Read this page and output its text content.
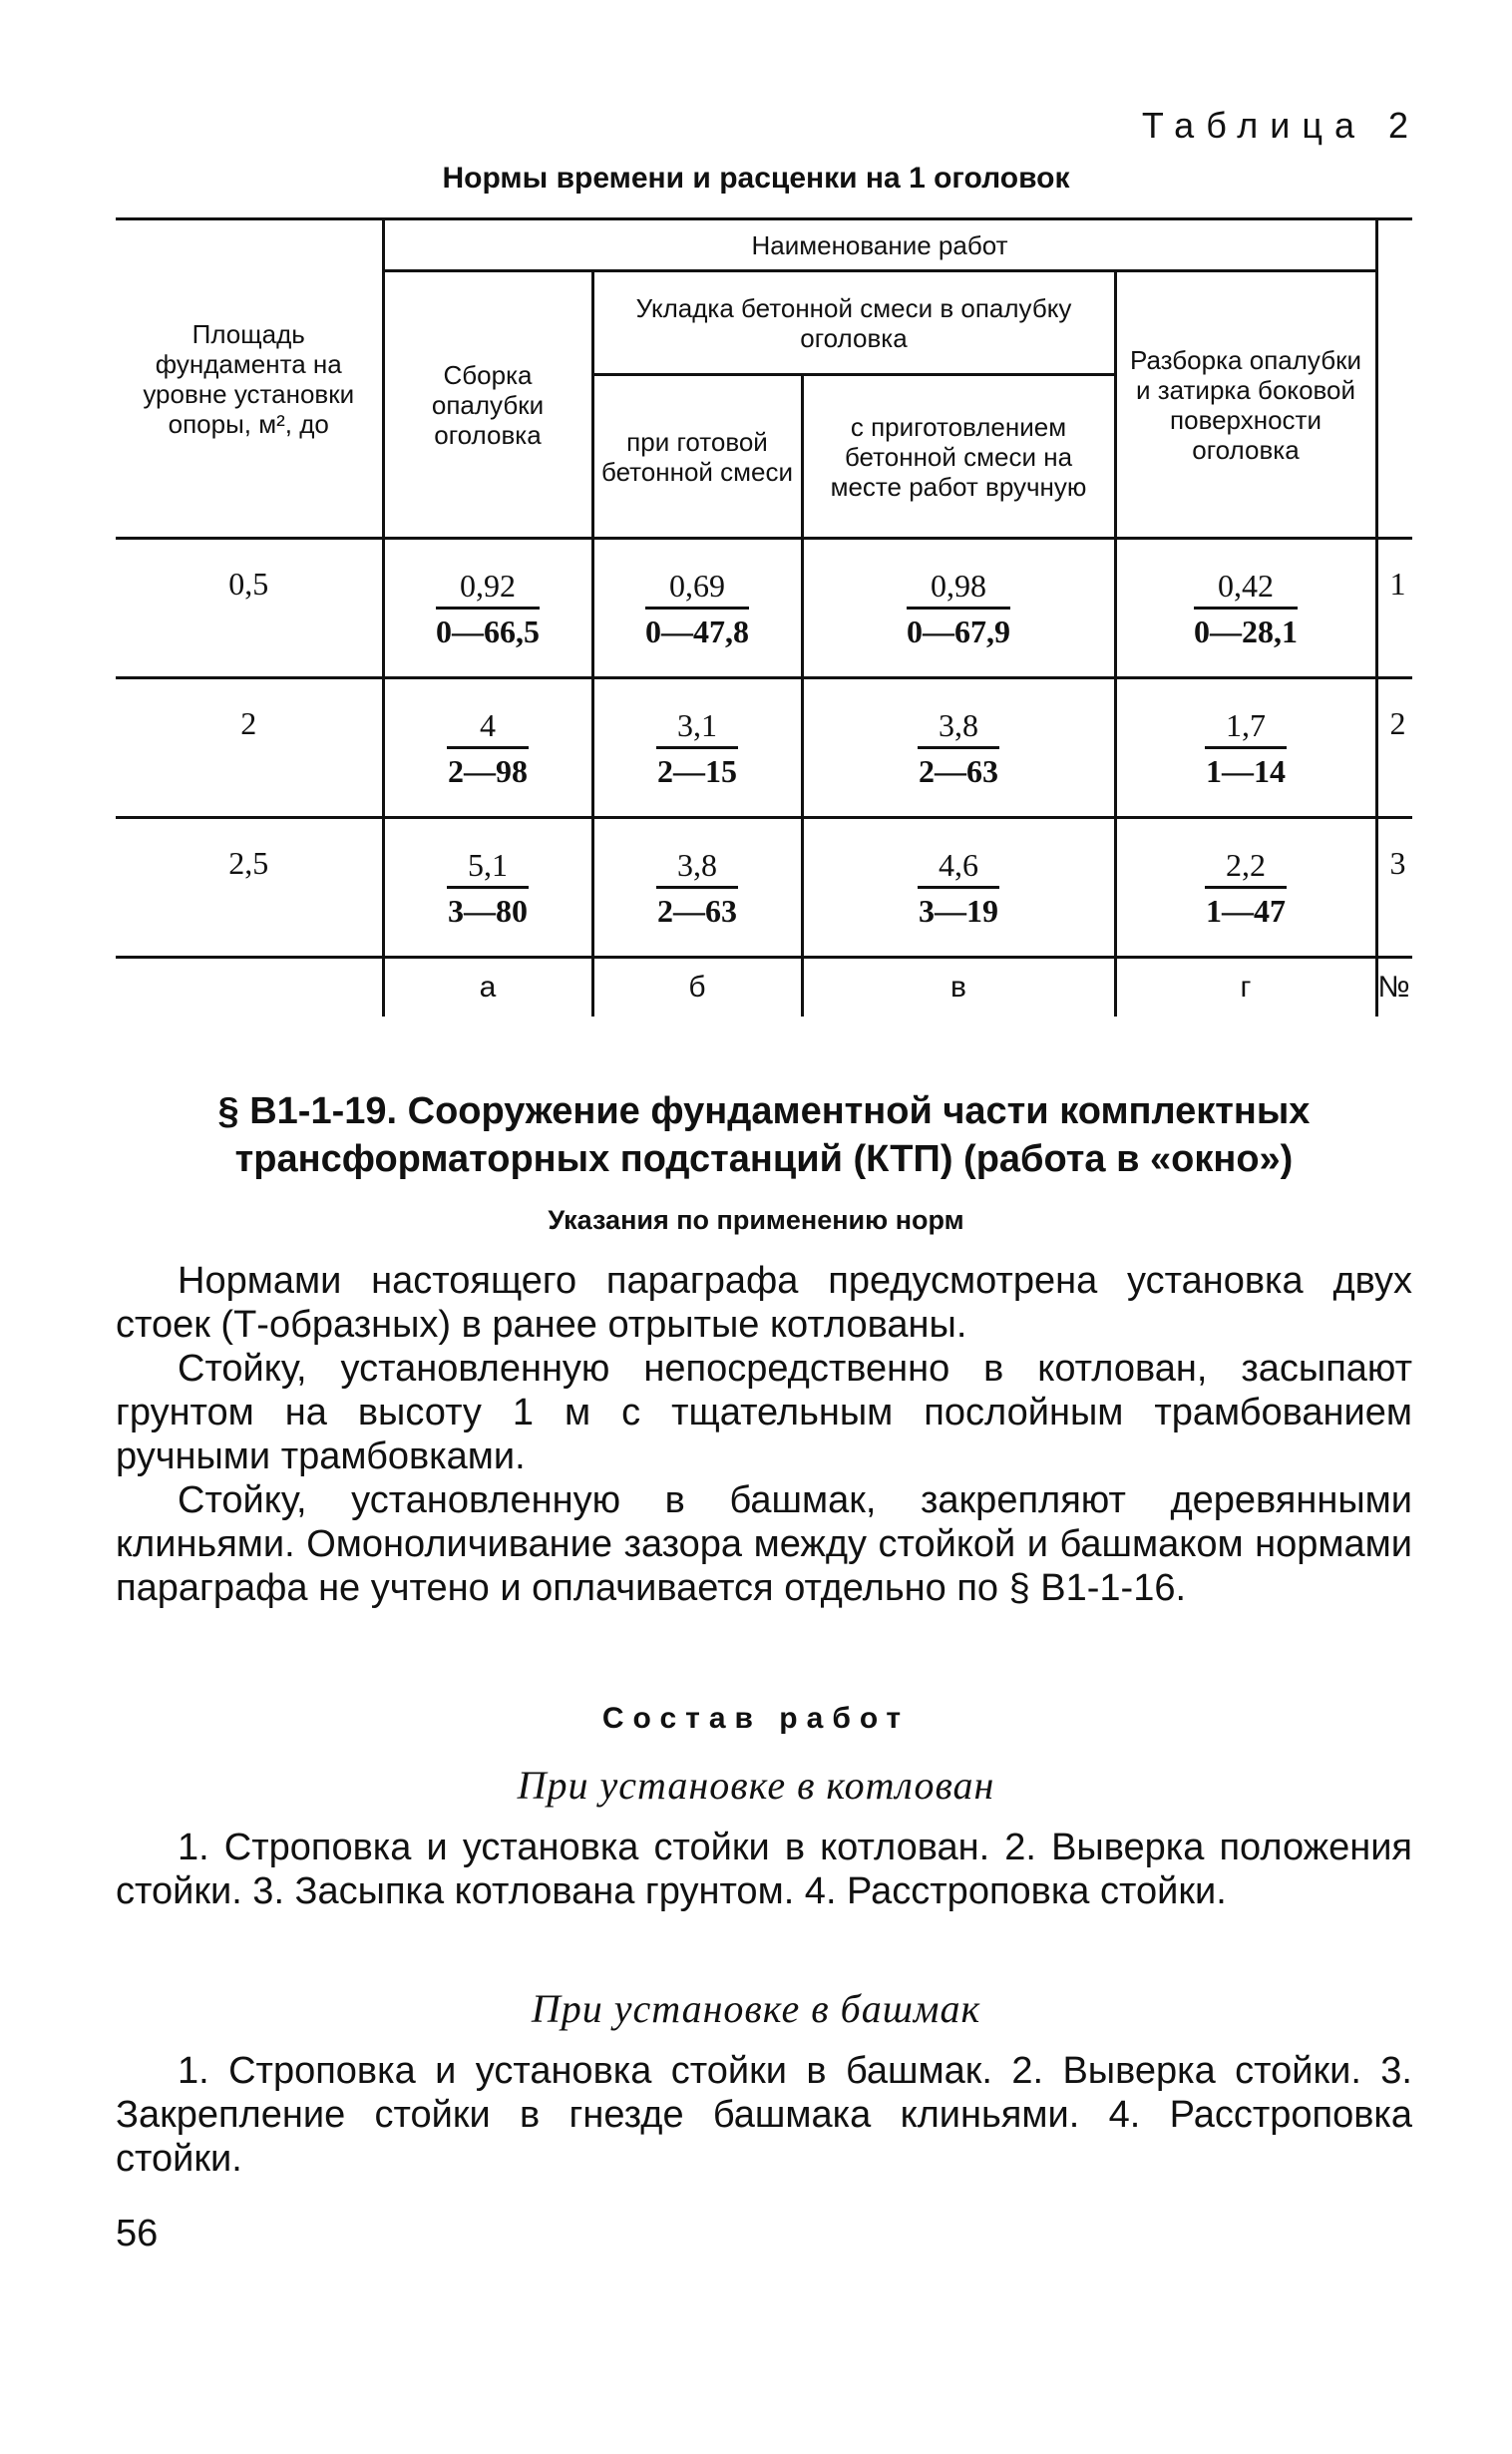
Таблица 2
Нормы времени и расценки на 1 оголовок
Площадь фундамента на уровне установки опоры, м², до	Наименование работ				
	Сборка опалубки оголовка	Укладка бетонной смеси в опалубку оголовка		Разборка опалубки и затирка боковой поверхности оголовка	
		при готовой бетонной смеси	с приготовлением бетонной смеси на месте работ вручную		

0,5	$\frac{0,92}{0—66,5}$	$\frac{0,69}{0—47,8}$	$\frac{0,98}{0—67,9}$	$\frac{0,42}{0—28,1}$	1

2	$\frac{4}{2—98}$	$\frac{3,1}{2—15}$	$\frac{3,8}{2—63}$	$\frac{1,7}{1—14}$	2

2,5	$\frac{5,1}{3—80}$	$\frac{3,8}{2—63}$	$\frac{4,6}{3—19}$	$\frac{2,2}{1—47}$	3
	а	б	в	г	№
§ В1-1-19. Сооружение фундаментной части комплектных трансформаторных подстанций (КТП) (работа в «окно»)
Указания по применению норм

Нормами настоящего параграфа предусмотрена установка двух стоек (Т-образных) в ранее отрытые котлованы.

Стойку, установленную непосредственно в котлован, засыпают грунтом на высоту 1 м с тщательным послойным трамбованием ручными трамбовками.

Стойку, установленную в башмак, закрепляют деревянными клиньями. Омоноличивание зазора между стойкой и башмаком нормами параграфа не учтено и оплачивается отдельно по § В1-1-16.

Состав работ
При установке в котлован

1. Строповка и установка стойки в котлован. 2. Выверка положения стойки. 3. Засыпка котлована грунтом. 4. Расстроповка стойки.

При установке в башмак

1. Строповка и установка стойки в башмак. 2. Выверка стойки. 3. Закрепление стойки в гнезде башмака клиньями. 4. Расстроповка стойки.

56
